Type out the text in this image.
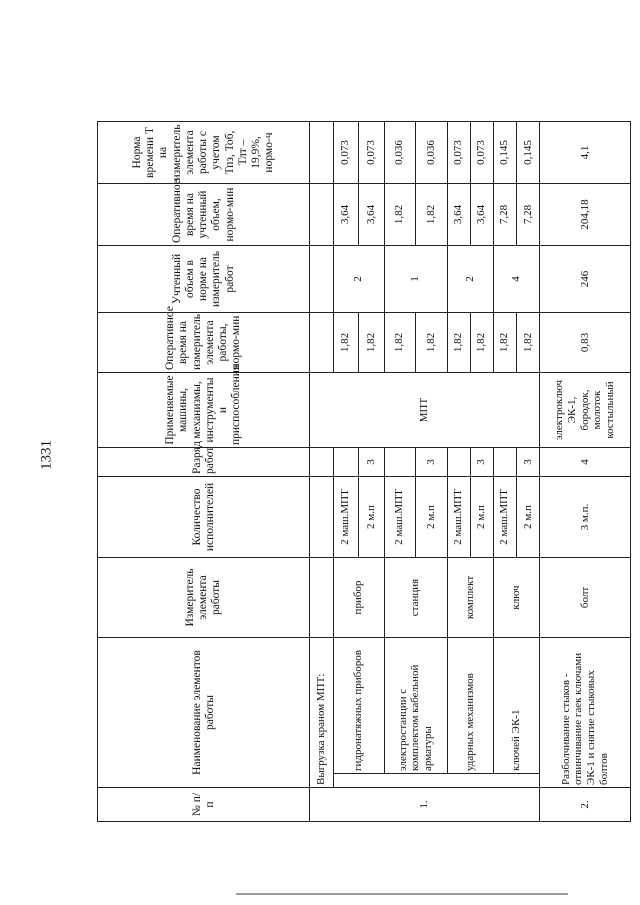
1331
№ п/п	Наименование элементов работы		Измеритель элемента работы	Количество исполнителей	Разряд работ	Применяемые машины, механизмы, инструменты и приспособления	Оперативное время на измеритель элемента работы, нормо-мин	Учтенный объем в норме на измеритель работ	Оперативное время на учтенный объем, нормо-мин	Норма времени Т на измеритель элемента работы с учетом Тпз, Тоб, Тлт – 19,9%, нормо-ч
1.	Выгрузка краном МПТ:					МПТ				
		гидронатяжных приборов	прибор	2 маш.МПТ			1,82	2	3,64	0,073
				2 м.п	3		1,82		3,64	0,073
		электростанции с комплектом кабельной арматуры	станция	2 маш.МПТ			1,82	1	1,82	0,036
				2 м.п	3		1,82		1,82	0,036
		ударных механизмов	комплект	2 маш.МПТ			1,82	2	3,64	0,073
				2 м.п	3		1,82		3,64	0,073
		ключей ЭК-1	ключ	2 маш.МПТ			1,82	4	7,28	0,145
				2 м.п	3		1,82		7,28	0,145
2.	Разболчивание стыков - отвинчивание гаек ключами ЭК-1 и снятие стыковых болтов		болт	3 м.п.	4	электроключ ЭК-1, бородок, молоток костыльный	0,83	246	204,18	4,1
